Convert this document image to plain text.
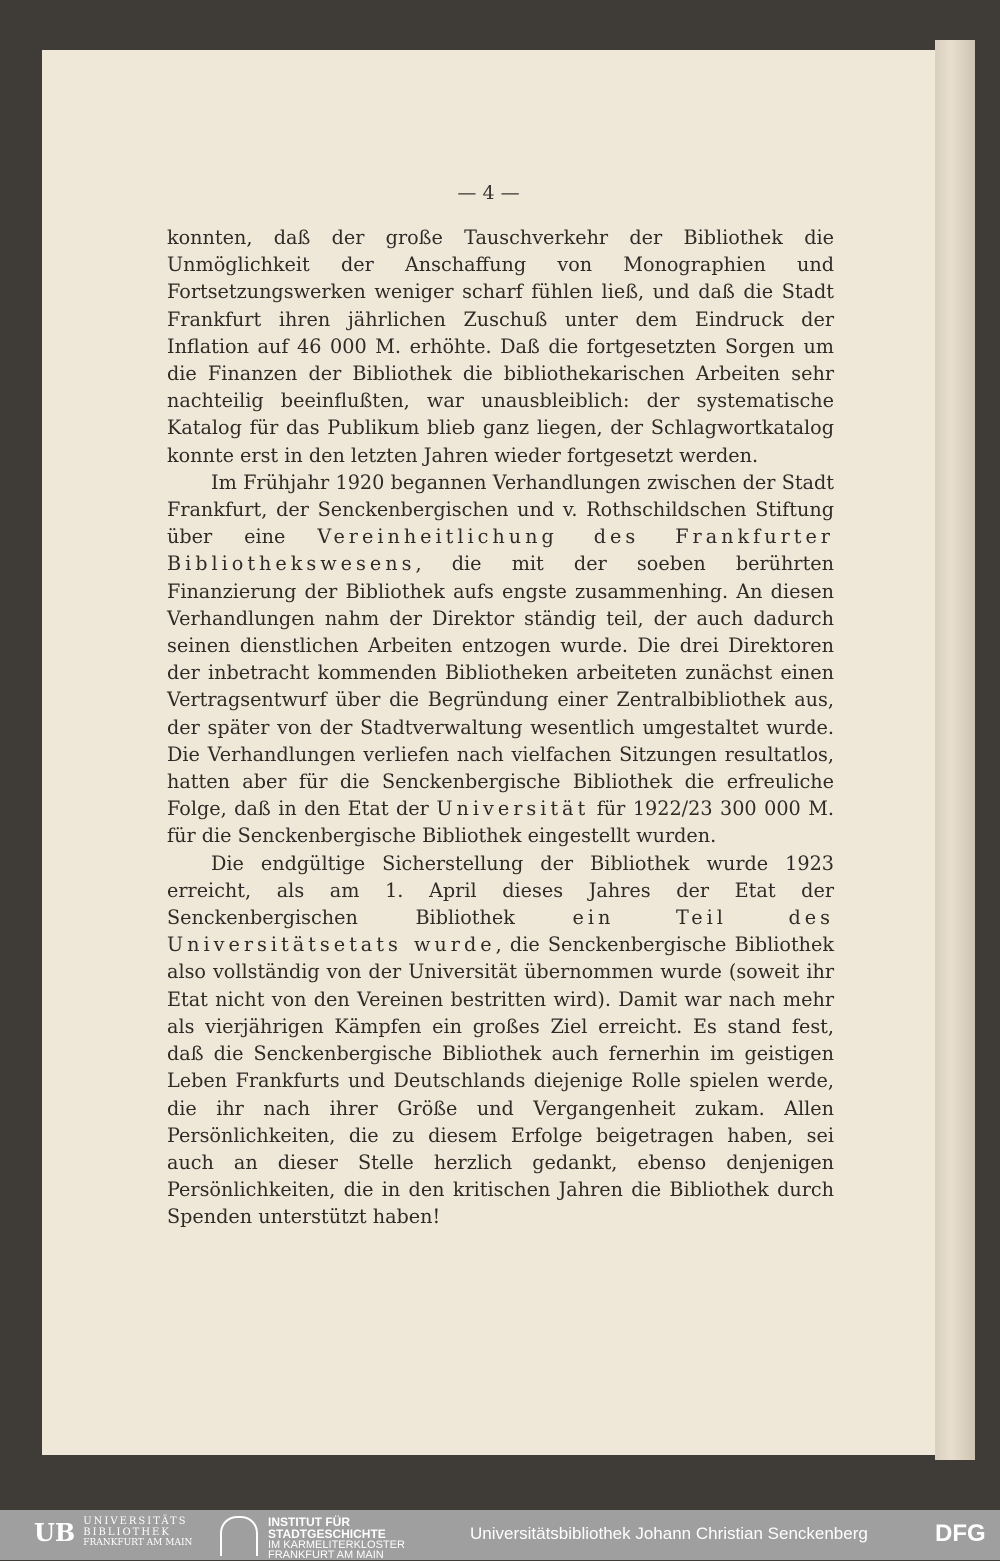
— 4 —

konnten, daß der große Tauschverkehr der Bibliothek die Unmöglichkeit der Anschaffung von Monographien und Fortsetzungswerken weniger scharf fühlen ließ, und daß die Stadt Frankfurt ihren jährlichen Zuschuß unter dem Eindruck der Inflation auf 46 000 M. erhöhte. Daß die fortgesetzten Sorgen um die Finanzen der Bibliothek die bibliothekarischen Arbeiten sehr nachteilig beeinflußten, war unausbleiblich: der systematische Katalog für das Publikum blieb ganz liegen, der Schlagwortkatalog konnte erst in den letzten Jahren wieder fortgesetzt werden.

Im Frühjahr 1920 begannen Verhandlungen zwischen der Stadt Frankfurt, der Senckenbergischen und v. Rothschildschen Stiftung über eine Vereinheitlichung des Frankfurter Bibliothekswesens, die mit der soeben berührten Finanzierung der Bibliothek aufs engste zusammenhing. An diesen Verhandlungen nahm der Direktor ständig teil, der auch dadurch seinen dienstlichen Arbeiten entzogen wurde. Die drei Direktoren der inbetracht kommenden Bibliotheken arbeiteten zunächst einen Vertragsentwurf über die Begründung einer Zentralbibliothek aus, der später von der Stadtverwaltung wesentlich umgestaltet wurde. Die Verhandlungen verliefen nach vielfachen Sitzungen resultatlos, hatten aber für die Senckenbergische Bibliothek die erfreuliche Folge, daß in den Etat der Universität für 1922/23 300 000 M. für die Senckenbergische Bibliothek eingestellt wurden.

Die endgültige Sicherstellung der Bibliothek wurde 1923 erreicht, als am 1. April dieses Jahres der Etat der Senckenbergischen Bibliothek ein Teil des Universitätsetats wurde, die Senckenbergische Bibliothek also vollständig von der Universität übernommen wurde (soweit ihr Etat nicht von den Vereinen bestritten wird). Damit war nach mehr als vierjährigen Kämpfen ein großes Ziel erreicht. Es stand fest, daß die Senckenbergische Bibliothek auch fernerhin im geistigen Leben Frankfurts und Deutschlands diejenige Rolle spielen werde, die ihr nach ihrer Größe und Vergangenheit zukam. Allen Persönlichkeiten, die zu diesem Erfolge beigetragen haben, sei auch an dieser Stelle herzlich gedankt, ebenso denjenigen Persönlichkeiten, die in den kritischen Jahren die Bibliothek durch Spenden unterstützt haben!

UB UNIVERSITÄTS
BIBLIOTHEK
FRANKFURT AM MAIN
INSTITUT FÜR
STADTGESCHICHTE
IM KARMELITERKLOSTER
FRANKFURT AM MAIN
Universitätsbibliothek Johann Christian Senckenberg	DFG
